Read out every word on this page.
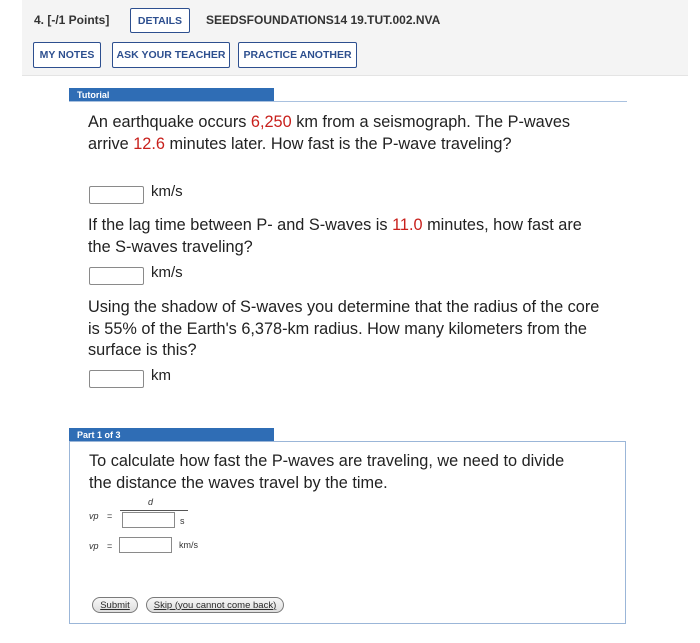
4. [-/1 Points]	DETAILS	SEEDSFOUNDATIONS14 19.TUT.002.NVA
MY NOTES	ASK YOUR TEACHER	PRACTICE ANOTHER
Tutorial
An earthquake occurs 6,250 km from a seismograph. The P-waves arrive 12.6 minutes later. How fast is the P-wave traveling?
km/s
If the lag time between P- and S-waves is 11.0 minutes, how fast are the S-waves traveling?
km/s
Using the shadow of S-waves you determine that the radius of the core is 55% of the Earth's 6,378-km radius. How many kilometers from the surface is this?
km
Part 1 of 3
To calculate how fast the P-waves are traveling, we need to divide the distance the waves travel by the time.
d
vp =	s
vp =	km/s
Submit	Skip (you cannot come back)
